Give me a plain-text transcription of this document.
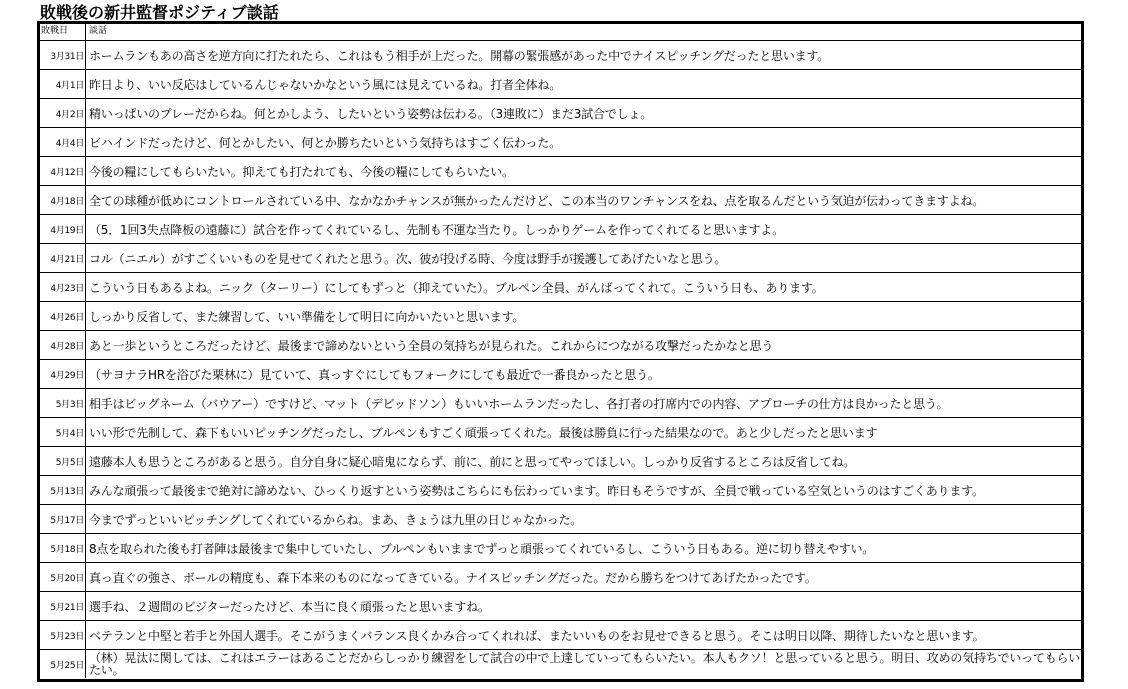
敗戦後の新井監督ポジティブ談話
敗戦日	談話
3月31日 ホームランもあの高さを逆方向に打たれたら、これはもう相手が上だった。開幕の緊張感があった中でナイスピッチングだったと思います。
4月1日 昨日より、いい反応はしているんじゃないかなという風には見えているね。打者全体ね。
4月2日 精いっぱいのプレーだからね。何とかしよう、したいという姿勢は伝わる。（3連敗に）まだ3試合でしょ。
4月4日 ビハインドだったけど、何とかしたい、何とか勝ちたいという気持ちはすごく伝わった。
4月12日 今後の糧にしてもらいたい。抑えても打たれても、今後の糧にしてもらいたい。
4月18日 全ての球種が低めにコントロールされている中、なかなかチャンスが無かったんだけど、この本当のワンチャンスをね、点を取るんだという気迫が伝わってきますよね。
4月19日 （5．1回3失点降板の遠藤に）試合を作ってくれているし、先制も不運な当たり。しっかりゲームを作ってくれてると思いますよ。
4月21日 コル（ニエル）がすごくいいものを見せてくれたと思う。次、彼が投げる時、今度は野手が援護してあげたいなと思う。
4月23日 こういう日もあるよね。ニック（ターリー）にしてもずっと（抑えていた）。ブルペン全員、がんばってくれて。こういう日も、あります。
4月26日 しっかり反省して、また練習して、いい準備をして明日に向かいたいと思います。
4月28日 あと一歩というところだったけど、最後まで諦めないという全員の気持ちが見られた。これからにつながる攻撃だったかなと思う
4月29日 （サヨナラHRを浴びた栗林に）見ていて、真っすぐにしてもフォークにしても最近で一番良かったと思う。
5月3日 相手はビッグネーム（バウアー）ですけど、マット（デビッドソン）もいいホームランだったし、各打者の打席内での内容、アプローチの仕方は良かったと思う。
5月4日 いい形で先制して、森下もいいピッチングだったし、ブルペンもすごく頑張ってくれた。最後は勝負に行った結果なので。あと少しだったと思います
5月5日 遠藤本人も思うところがあると思う。自分自身に疑心暗鬼にならず、前に、前にと思ってやってほしい。しっかり反省するところは反省してね。
5月13日 みんな頑張って最後まで絶対に諦めない、ひっくり返すという姿勢はこちらにも伝わっています。昨日もそうですが、全員で戦っている空気というのはすごくあります。
5月17日 今までずっといいピッチングしてくれているからね。まあ、きょうは九里の日じゃなかった。
5月18日 8点を取られた後も打者陣は最後まで集中していたし、ブルペンもいままでずっと頑張ってくれているし、こういう日もある。逆に切り替えやすい。
5月20日 真っ直ぐの強さ、ボールの精度も、森下本来のものになってきている。ナイスピッチングだった。だから勝ちをつけてあげたかったです。
5月21日 選手ね、２週間のビジターだったけど、本当に良く頑張ったと思いますね。
5月23日 ベテランと中堅と若手と外国人選手。そこがうまくバランス良くかみ合ってくれれば、またいいものをお見せできると思う。そこは明日以降、期待したいなと思います。
5月25日
（林）晃汰に関しては、これはエラーはあることだからしっかり練習をして試合の中で上達していってもらいたい。本人もクソ！と思っていると思う。明日、攻めの気持ちでいってもらいたい。
